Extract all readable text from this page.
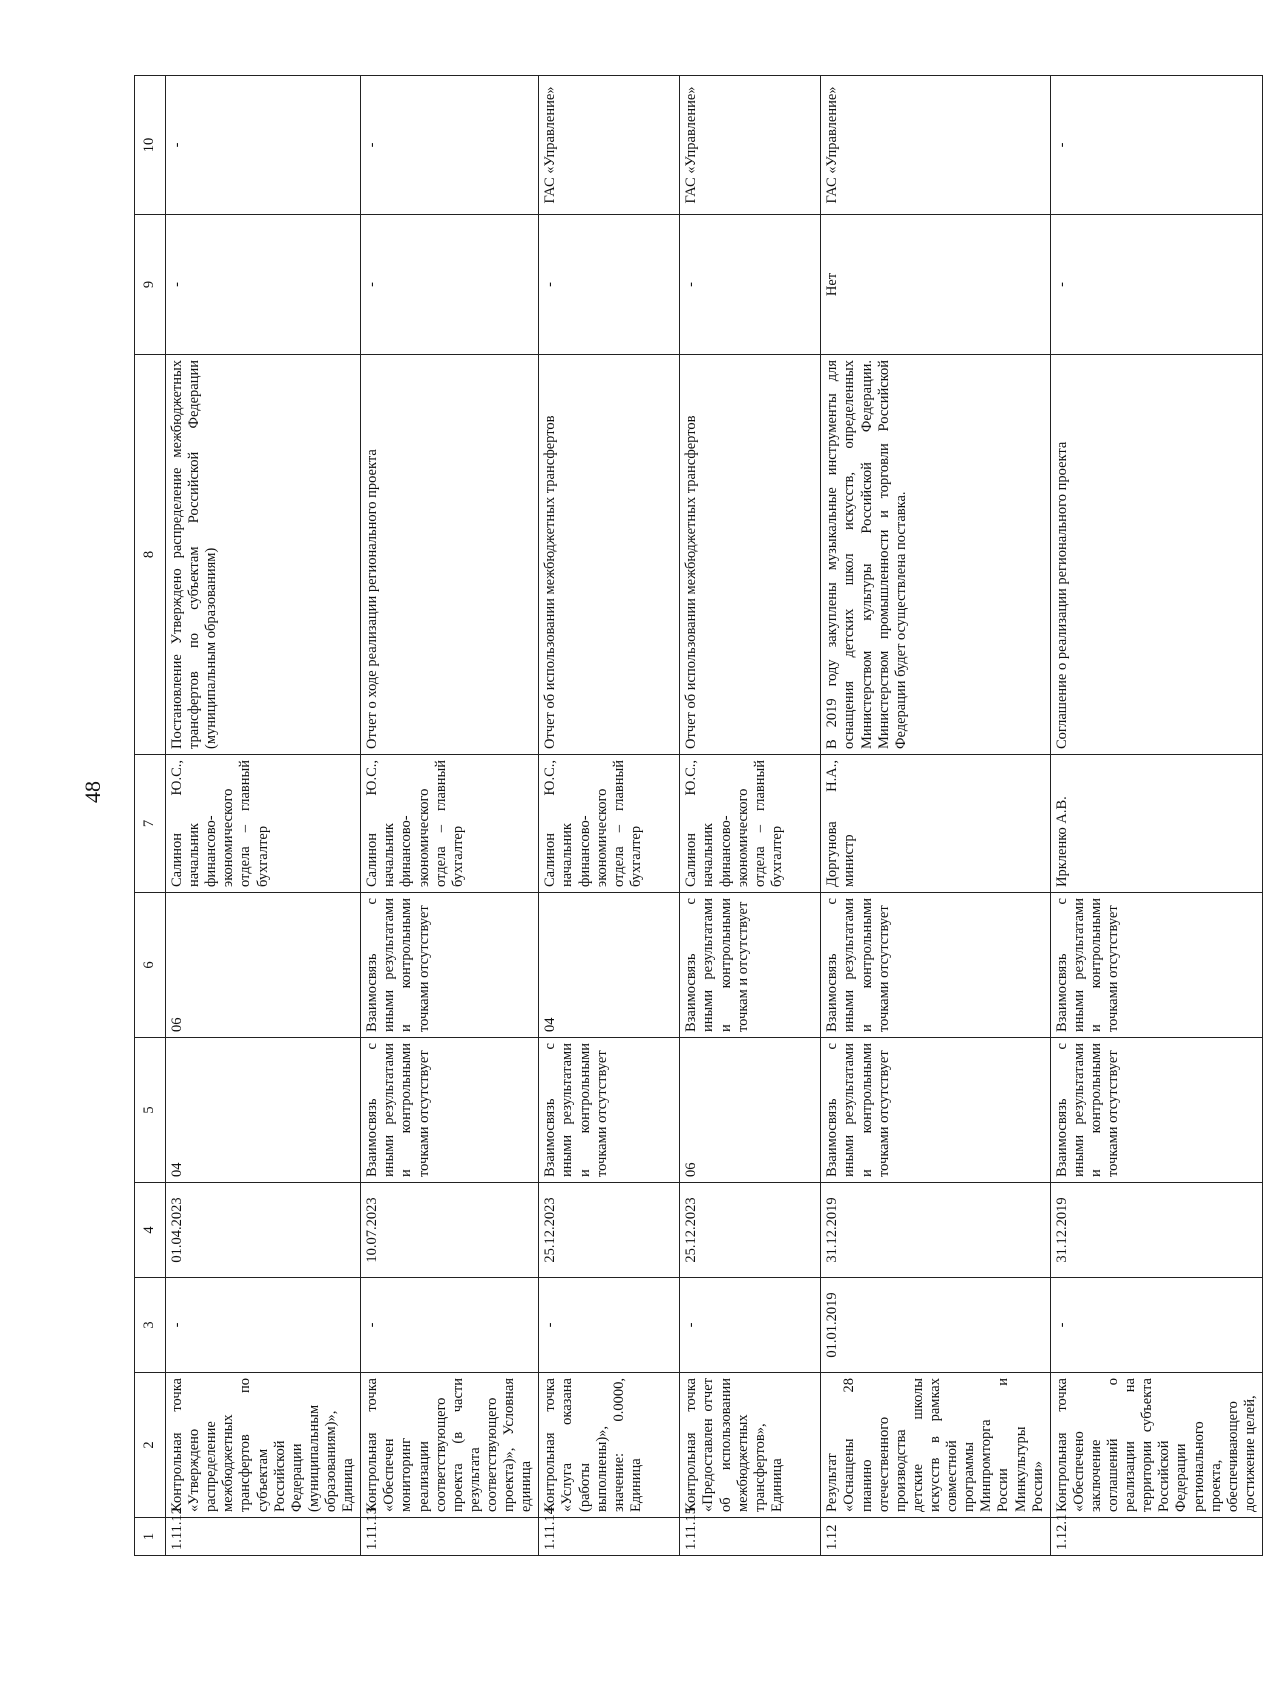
48
1	2	3	4	5	6	7	8	9	10
1.11.12	Контрольная точка «Утверждено распределение межбюджетных трансфертов по субъектам Российской Федерации (муниципальным образованиям)», Единица	-	01.04.2023	04	06	Салинон Ю.С., начальник финансово-экономического отдела – главный бухгалтер	Постановление Утверждено распределение межбюджетных трансфертов по субъектам Российской Федерации (муниципальным образованиям)	-	-
1.11.13	Контрольная точка «Обеспечен мониторинг реализации соответствующего проекта (в части результата соответствующего проекта)», Условная единица	-	10.07.2023	Взаимосвязь с иными результатами и контрольными точками отсутствует	Взаимосвязь с иными результатами и контрольными точками отсутствует	Салинон Ю.С., начальник финансово-экономического отдела – главный бухгалтер	Отчет о ходе реализации регионального проекта	-	-
1.11.14	Контрольная точка «Услуга оказана (работы выполнены)», значение: 0.0000, Единица	-	25.12.2023	Взаимосвязь с иными результатами и контрольными точками отсутствует	04	Салинон Ю.С., начальник финансово-экономического отдела – главный бухгалтер	Отчет об использовании межбюджетных трансфертов	-	ГАС «Управление»
1.11.15	Контрольная точка «Предоставлен отчет об использовании межбюджетных трансфертов», Единица	-	25.12.2023	06	Взаимосвязь с иными результатами и контрольными точкам и отсутствует	Салинон Ю.С., начальник финансово-экономического отдела – главный бухгалтер	Отчет об использовании межбюджетных трансфертов	-	ГАС «Управление»
1.12	Результат «Оснащены 28 пианино отечественного производства детские школы искусств в рамках совместной программы Минпромторга России и Минкультуры России»	01.01.2019	31.12.2019	Взаимосвязь с иными результатами и контрольными точками отсутствует	Взаимосвязь с иными результатами и контрольными точками отсутствует	Доргунова Н.А., министр	В 2019 году закуплены музыкальные инструменты для оснащения детских школ искусств, определенных Министерством культуры Российской Федерации. Министерством промышленности и торговли Российской Федерации будет осуществлена поставка.	Нет	ГАС «Управление»
1.12.1	Контрольная точка «Обеспечено заключение соглашений о реализации на территории субъекта Российской Федерации регионального проекта, обеспечивающего достижение целей,	-	31.12.2019	Взаимосвязь с иными результатами и контрольными точками отсутствует	Взаимосвязь с иными результатами и контрольными точками отсутствует	Иркленко А.В.	Соглашение о реализации регионального проекта	-	-
